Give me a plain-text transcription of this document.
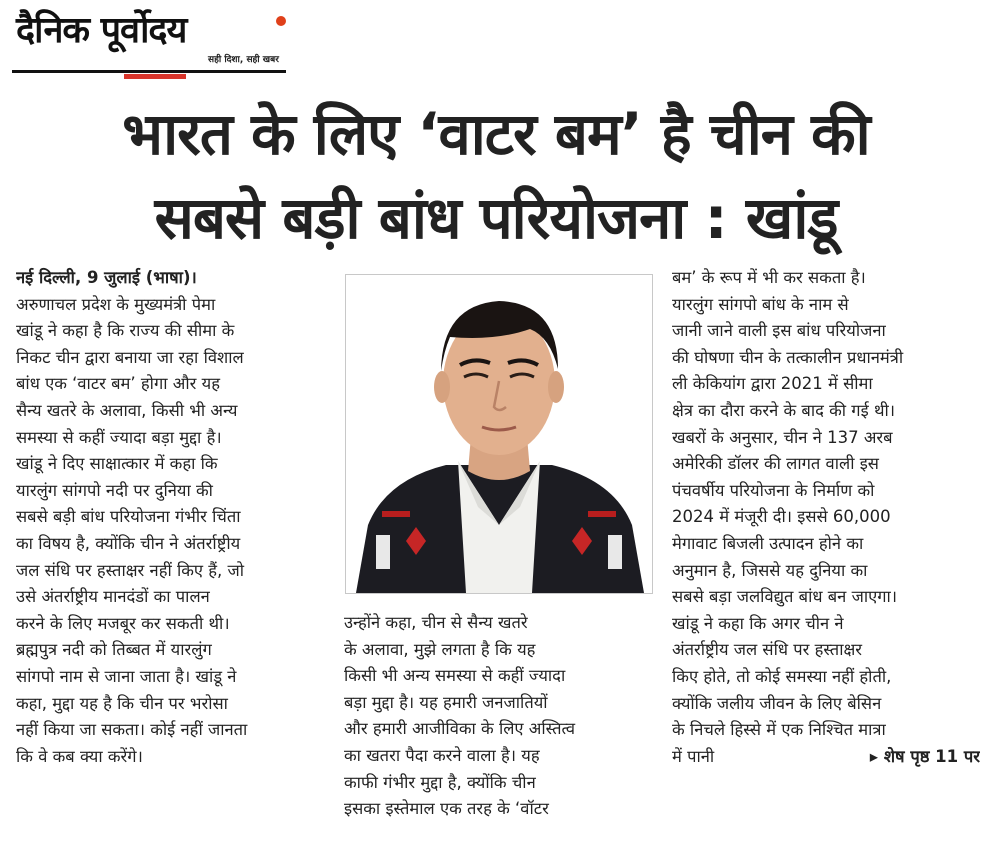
दैनिक पूर्वोदय
सही दिशा, सही खबर
भारत के लिए ‘वाटर बम’ है चीन की
सबसे बड़ी बांध परियोजना : खांडू
नई दिल्ली, 9 जुलाई (भाषा)।
अरुणाचल प्रदेश के मुख्यमंत्री पेमा
खांडू ने कहा है कि राज्य की सीमा के
निकट चीन द्वारा बनाया जा रहा विशाल
बांध एक ‘वाटर बम’ होगा और यह
सैन्य खतरे के अलावा, किसी भी अन्य
समस्या से कहीं ज्यादा बड़ा मुद्दा है।
खांडू ने दिए साक्षात्कार में कहा कि
यारलुंग सांगपो नदी पर दुनिया की
सबसे बड़ी बांध परियोजना गंभीर चिंता
का विषय है, क्योंकि चीन ने अंतर्राष्ट्रीय
जल संधि पर हस्ताक्षर नहीं किए हैं, जो
उसे अंतर्राष्ट्रीय मानदंडों का पालन
करने के लिए मजबूर कर सकती थी।
ब्रह्मपुत्र नदी को तिब्बत में यारलुंग
सांगपो नाम से जाना जाता है। खांडू ने
कहा, मुद्दा यह है कि चीन पर भरोसा
नहीं किया जा सकता। कोई नहीं जानता
कि वे कब क्या करेंगे।
उन्होंने कहा, चीन से सैन्य खतरे
के अलावा, मुझे लगता है कि यह
किसी भी अन्य समस्या से कहीं ज्यादा
बड़ा मुद्दा है। यह हमारी जनजातियों
और हमारी आजीविका के लिए अस्तित्व
का खतरा पैदा करने वाला है। यह
काफी गंभीर मुद्दा है, क्योंकि चीन
इसका इस्तेमाल एक तरह के ‘वॉटर
बम’ के रूप में भी कर सकता है।
यारलुंग सांगपो बांध के नाम से
जानी जाने वाली इस बांध परियोजना
की घोषणा चीन के तत्कालीन प्रधानमंत्री
ली केकियांग द्वारा 2021 में सीमा
क्षेत्र का दौरा करने के बाद की गई थी।
खबरों के अनुसार, चीन ने 137 अरब
अमेरिकी डॉलर की लागत वाली इस
पंचवर्षीय परियोजना के निर्माण को
2024 में मंजूरी दी। इससे 60,000
मेगावाट बिजली उत्पादन होने का
अनुमान है, जिससे यह दुनिया का
सबसे बड़ा जलविद्युत बांध बन जाएगा।
खांडू ने कहा कि अगर चीन ने
अंतर्राष्ट्रीय जल संधि पर हस्ताक्षर
किए होते, तो कोई समस्या नहीं होती,
क्योंकि जलीय जीवन के लिए बेसिन
के निचले हिस्से में एक निश्चित मात्रा
में पानी	▸ शेष पृष्ठ 11 पर
